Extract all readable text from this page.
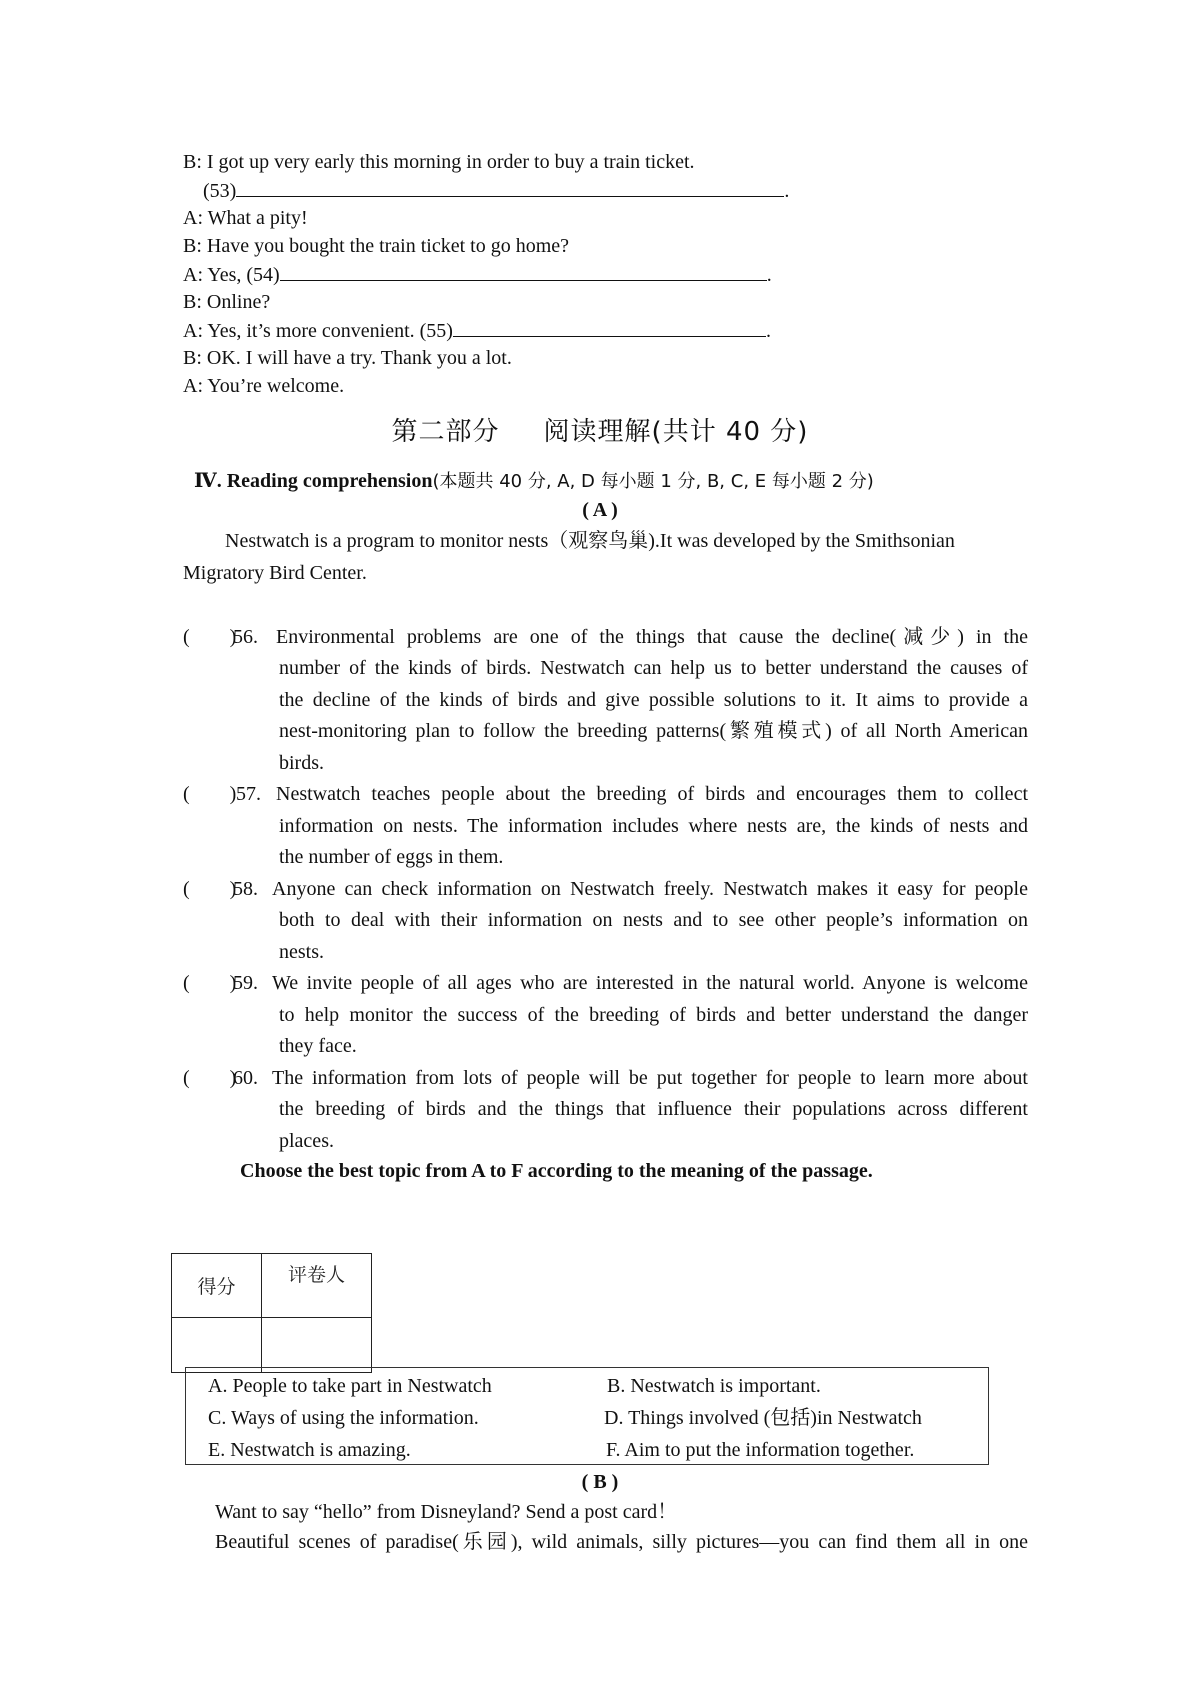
B: I got up very early this morning in order to buy a train ticket.
(53)	.
A: What a pity!
B: Have you bought the train ticket to go home?
A: Yes, (54)	.
B: Online?
A: Yes, it’s more convenient. (55)	.
B: OK. I will have a try. Thank you a lot.
A: You’re welcome.
第二部分 阅读理解(共计 40 分)
Ⅳ. Reading comprehension(本题共 40 分, A, D 每小题 1 分, B, C, E 每小题 2 分)
( A )
Nestwatch is a program to monitor nests（观察鸟巢).It was developed by the Smithsonian
Migratory Bird Center.
(        )
56. Environmental problems are one of the things that cause the decline(减少) in the
number of the kinds of birds. Nestwatch can help us to better understand the causes of
the decline of the kinds of birds and give possible solutions to it. It aims to provide a
nest-monitoring plan to follow the breeding patterns(繁殖模式) of all North American
birds.
(        ) 57. Nestwatch teaches people about the breeding of birds and encourages them to collect
information on nests. The information includes where nests are, the kinds of nests and
the number of eggs in them.
(        )
58. Anyone can check information on Nestwatch freely. Nestwatch makes it easy for people
both to deal with their information on nests and to see other people’s information on
nests.
(        )
59. We invite people of all ages who are interested in the natural world. Anyone is welcome
to help monitor the success of the breeding of birds and better understand the danger
they face.
(        )
60. The information from lots of people will be put together for people to learn more about
the breeding of birds and the things that influence their populations across different
places.
Choose the best topic from A to F according to the meaning of the passage.
得分	评卷人

A. People to take part in Nestwatch	B. Nestwatch is important.
C. Ways of using the information.	D. Things involved (包括)in Nestwatch
E. Nestwatch is amazing.	F. Aim to put the information together.
( B )
Want to say “hello” from Disneyland? Send a post card！
Beautiful scenes of paradise(乐园), wild animals, silly pictures—you can find them all in one
